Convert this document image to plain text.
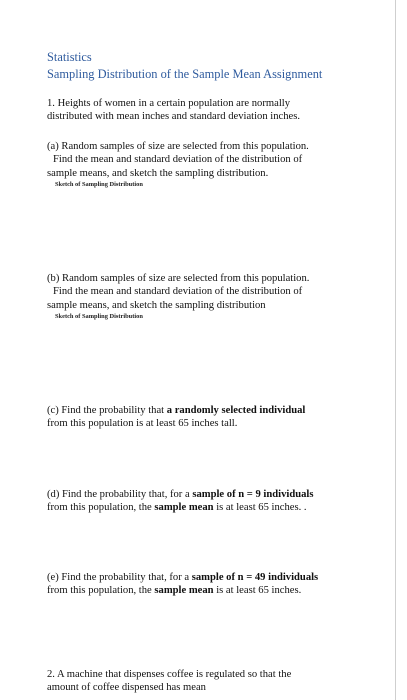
Statistics
Sampling Distribution of the Sample Mean Assignment
1. Heights of women in a certain population are normally
distributed with mean inches and standard deviation inches.
(a) Random samples of size are selected from this population.
Find the mean and standard deviation of the distribution of
sample means, and sketch the sampling distribution.
Sketch of Sampling Distribution
(b) Random samples of size are selected from this population.
Find the mean and standard deviation of the distribution of
sample means, and sketch the sampling distribution
Sketch of Sampling Distribution
(c) Find the probability that a randomly selected individual
from this population is at least 65 inches tall.
(d) Find the probability that, for a sample of n = 9 individuals
from this population, the sample mean is at least 65 inches. .
(e) Find the probability that, for a sample of n = 49 individuals
from this population, the sample mean is at least 65 inches.
2. A machine that dispenses coffee is regulated so that the
amount of coffee dispensed has mean
